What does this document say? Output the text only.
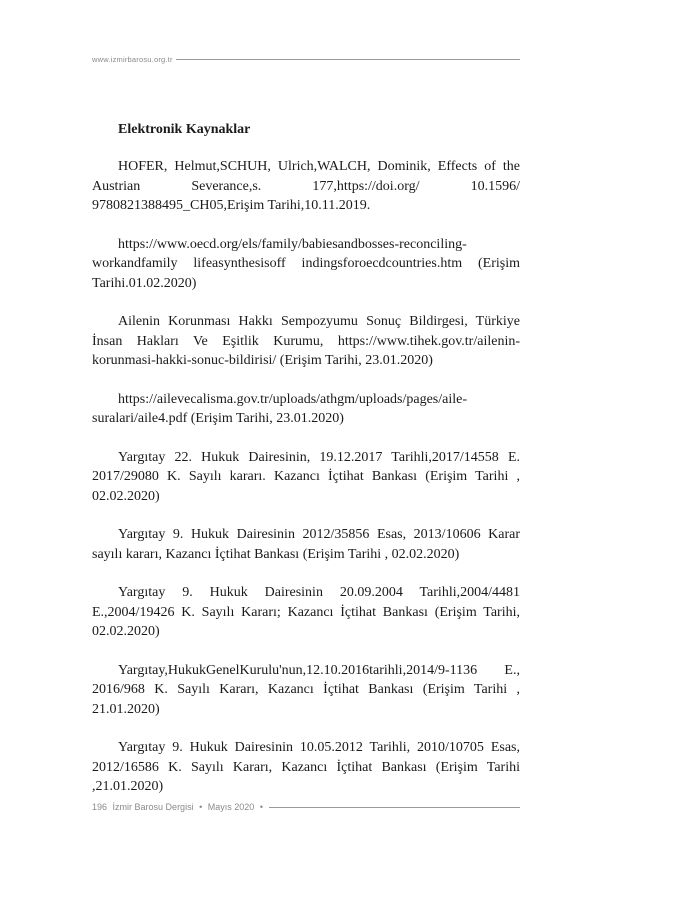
www.izmirbarosu.org.tr
Elektronik Kaynaklar

HOFER, Helmut,SCHUH, Ulrich,WALCH, Dominik, Effects of the Austrian Severance,s. 177,https://doi.org/ 10.1596/ 9780821388495_CH05,Erişim Tarihi,10.11.2019.

https://www.oecd.org/els/family/babiesandbosses-reconciling-workandfamily lifeasynthesisoff indingsforoecdcountries.htm (Erişim Tarihi.01.02.2020)

Ailenin Korunması Hakkı Sempozyumu Sonuç Bildirgesi, Türkiye İnsan Hakları Ve Eşitlik Kurumu, https://www.tihek.gov.tr/ailenin-korunmasi-hakki-sonuc-bildirisi/ (Erişim Tarihi, 23.01.2020)

https://ailevecalisma.gov.tr/uploads/athgm/uploads/pages/aile-suralari/aile4.pdf (Erişim Tarihi, 23.01.2020)

Yargıtay 22. Hukuk Dairesinin, 19.12.2017 Tarihli,2017/14558 E. 2017/29080 K. Sayılı kararı. Kazancı İçtihat Bankası (Erişim Tarihi , 02.02.2020)

Yargıtay 9. Hukuk Dairesinin 2012/35856 Esas, 2013/10606 Karar sayılı kararı, Kazancı İçtihat Bankası (Erişim Tarihi , 02.02.2020)

Yargıtay 9. Hukuk Dairesinin 20.09.2004 Tarihli,2004/4481 E.,2004/19426 K. Sayılı Kararı; Kazancı İçtihat Bankası (Erişim Tarihi, 02.02.2020)

Yargıtay,HukukGenelKurulu'nun,12.10.2016tarihli,2014/9-1136 E., 2016/968 K. Sayılı Kararı, Kazancı İçtihat Bankası (Erişim Tarihi , 21.01.2020)

Yargıtay 9. Hukuk Dairesinin 10.05.2012 Tarihli, 2010/10705 Esas, 2012/16586 K. Sayılı Kararı, Kazancı İçtihat Bankası (Erişim Tarihi ,21.01.2020)

196 İzmir Barosu Dergisi • Mayıs 2020 •
